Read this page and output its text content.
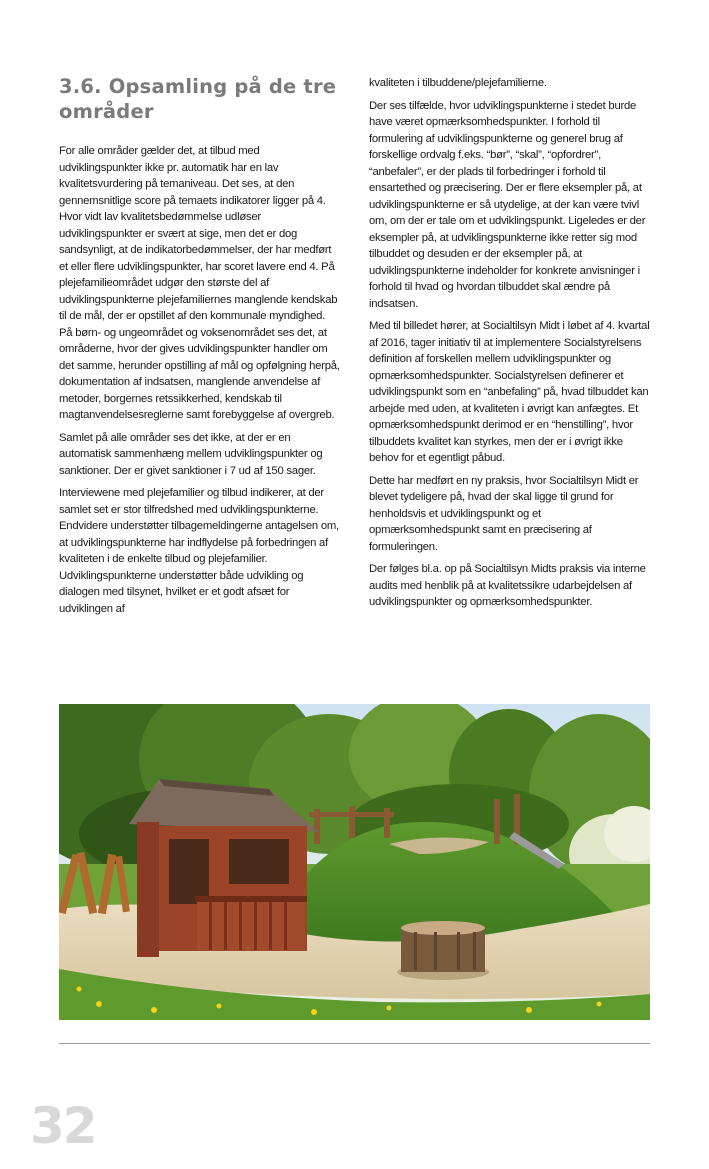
3.6. Opsamling på de tre områder

For alle områder gælder det, at tilbud med udviklingspunkter ikke pr. automatik har en lav kvalitetsvurdering på temaniveau. Det ses, at den gennemsnitlige score på temaets indikatorer ligger på 4. Hvor vidt lav kvalitetsbedømmelse udløser udviklingspunkter er svært at sige, men det er dog sandsynligt, at de indikatorbedømmelser, der har medført et eller flere udviklingspunkter, har scoret lavere end 4. På plejefamilieområdet udgør den største del af udviklingspunkterne plejefamiliernes manglende kendskab til de mål, der er opstillet af den kommunale myndighed. På børn- og ungeområdet og voksenområdet ses det, at områderne, hvor der gives udviklingspunkter handler om det samme, herunder opstilling af mål og opfølgning herpå, dokumentation af indsatsen, manglende anvendelse af metoder, borgernes retssikkerhed, kendskab til magtanvendelsesreglerne samt forebyggelse af overgreb.

Samlet på alle områder ses det ikke, at der er en automatisk sammenhæng mellem udviklingspunkter og sanktioner. Der er givet sanktioner i 7 ud af 150 sager.

Interviewene med plejefamilier og tilbud indikerer, at der samlet set er stor tilfredshed med udviklingspunkterne. Endvidere understøtter tilbagemeldingerne antagelsen om, at udviklingspunkterne har indflydelse på forbedringen af kvaliteten i de enkelte tilbud og plejefamilier. Udviklingspunkterne understøtter både udvikling og dialogen med tilsynet, hvilket er et godt afsæt for udviklingen af

kvaliteten i tilbuddene/plejefamilierne.

Der ses tilfælde, hvor udviklingspunkterne i stedet burde have været opmærksomhedspunkter. I forhold til formulering af udviklingspunkterne og generel brug af forskellige ordvalg f.eks. “bør”, “skal”, “opfordrer”, “anbefaler”, er der plads til forbedringer i forhold til ensartethed og præcisering. Der er flere eksempler på, at udviklingspunkterne er så utydelige, at der kan være tvivl om, om der er tale om et udviklingspunkt. Ligeledes er der eksempler på, at udviklingspunkterne ikke retter sig mod tilbuddet og desuden er der eksempler på, at udviklingspunkterne indeholder for konkrete anvisninger i forhold til hvad og hvordan tilbuddet skal ændre på indsatsen.

Med til billedet hører, at Socialtilsyn Midt i løbet af 4. kvartal af 2016, tager initiativ til at implementere Socialstyrelsens definition af forskellen mellem udviklingspunkter og opmærksomhedspunkter. Socialstyrelsen definerer et udviklingspunkt som en “anbefaling” på, hvad tilbuddet kan arbejde med uden, at kvaliteten i øvrigt kan anfægtes. Et opmærksomhedspunkt derimod er en “henstilling”, hvor tilbuddets kvalitet kan styrkes, men der er i øvrigt ikke behov for et egentligt påbud.

Dette har medført en ny praksis, hvor Socialtilsyn Midt er blevet tydeligere på, hvad der skal ligge til grund for henholdsvis et udviklingspunkt og et opmærksomhedspunkt samt en præcisering af formuleringen.

Der følges bl.a. op på Socialtilsyn Midts praksis via interne audits med henblik på at kvalitetssikre udarbejdelsen af udviklingspunkter og opmærksomhedspunkter.

32
